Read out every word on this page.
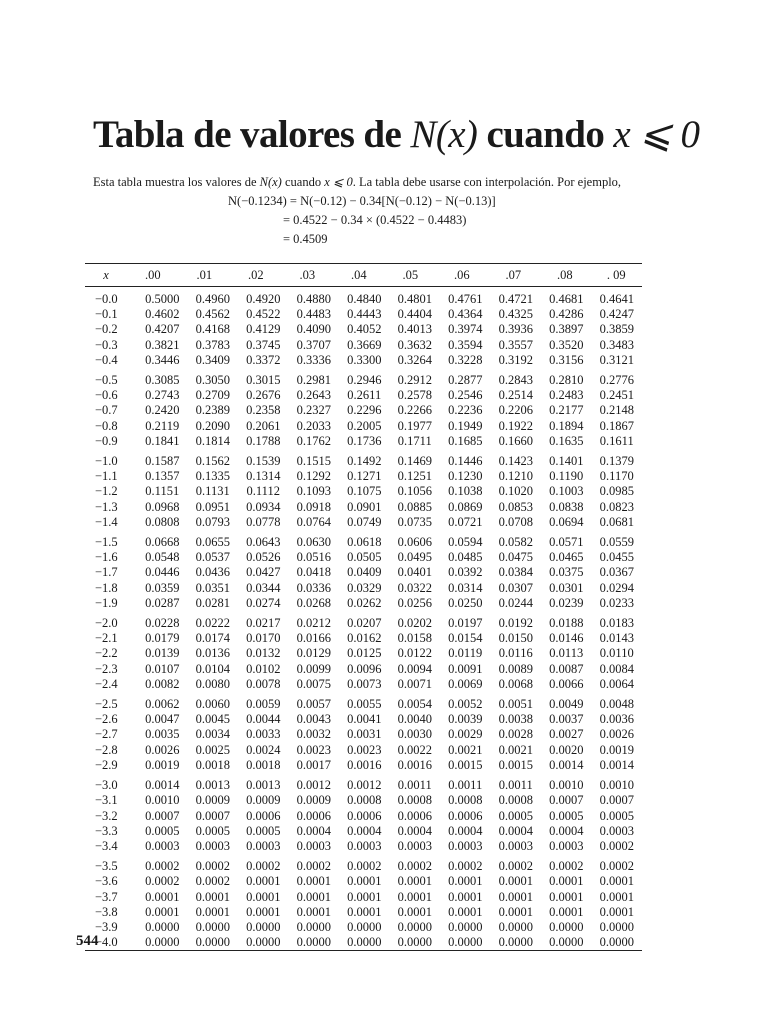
Tabla de valores de N(x) cuando x ⩽ 0
Esta tabla muestra los valores de N(x) cuando x ⩽ 0. La tabla debe usarse con interpolación. Por ejemplo,
N(−0.1234) = N(−0.12) − 0.34[N(−0.12) − N(−0.13)]
= 0.4522 − 0.34 × (0.4522 − 0.4483)
= 0.4509
x	.00	.01	.02	.03	.04	.05	.06	.07	.08	. 09
−0.0	0.5000	0.4960	0.4920	0.4880	0.4840	0.4801	0.4761	0.4721	0.4681	0.4641
−0.1	0.4602	0.4562	0.4522	0.4483	0.4443	0.4404	0.4364	0.4325	0.4286	0.4247
−0.2	0.4207	0.4168	0.4129	0.4090	0.4052	0.4013	0.3974	0.3936	0.3897	0.3859
−0.3	0.3821	0.3783	0.3745	0.3707	0.3669	0.3632	0.3594	0.3557	0.3520	0.3483
−0.4	0.3446	0.3409	0.3372	0.3336	0.3300	0.3264	0.3228	0.3192	0.3156	0.3121
−0.5	0.3085	0.3050	0.3015	0.2981	0.2946	0.2912	0.2877	0.2843	0.2810	0.2776
−0.6	0.2743	0.2709	0.2676	0.2643	0.2611	0.2578	0.2546	0.2514	0.2483	0.2451
−0.7	0.2420	0.2389	0.2358	0.2327	0.2296	0.2266	0.2236	0.2206	0.2177	0.2148
−0.8	0.2119	0.2090	0.2061	0.2033	0.2005	0.1977	0.1949	0.1922	0.1894	0.1867
−0.9	0.1841	0.1814	0.1788	0.1762	0.1736	0.1711	0.1685	0.1660	0.1635	0.1611
−1.0	0.1587	0.1562	0.1539	0.1515	0.1492	0.1469	0.1446	0.1423	0.1401	0.1379
−1.1	0.1357	0.1335	0.1314	0.1292	0.1271	0.1251	0.1230	0.1210	0.1190	0.1170
−1.2	0.1151	0.1131	0.1112	0.1093	0.1075	0.1056	0.1038	0.1020	0.1003	0.0985
−1.3	0.0968	0.0951	0.0934	0.0918	0.0901	0.0885	0.0869	0.0853	0.0838	0.0823
−1.4	0.0808	0.0793	0.0778	0.0764	0.0749	0.0735	0.0721	0.0708	0.0694	0.0681
−1.5	0.0668	0.0655	0.0643	0.0630	0.0618	0.0606	0.0594	0.0582	0.0571	0.0559
−1.6	0.0548	0.0537	0.0526	0.0516	0.0505	0.0495	0.0485	0.0475	0.0465	0.0455
−1.7	0.0446	0.0436	0.0427	0.0418	0.0409	0.0401	0.0392	0.0384	0.0375	0.0367
−1.8	0.0359	0.0351	0.0344	0.0336	0.0329	0.0322	0.0314	0.0307	0.0301	0.0294
−1.9	0.0287	0.0281	0.0274	0.0268	0.0262	0.0256	0.0250	0.0244	0.0239	0.0233
−2.0	0.0228	0.0222	0.0217	0.0212	0.0207	0.0202	0.0197	0.0192	0.0188	0.0183
−2.1	0.0179	0.0174	0.0170	0.0166	0.0162	0.0158	0.0154	0.0150	0.0146	0.0143
−2.2	0.0139	0.0136	0.0132	0.0129	0.0125	0.0122	0.0119	0.0116	0.0113	0.0110
−2.3	0.0107	0.0104	0.0102	0.0099	0.0096	0.0094	0.0091	0.0089	0.0087	0.0084
−2.4	0.0082	0.0080	0.0078	0.0075	0.0073	0.0071	0.0069	0.0068	0.0066	0.0064
−2.5	0.0062	0.0060	0.0059	0.0057	0.0055	0.0054	0.0052	0.0051	0.0049	0.0048
−2.6	0.0047	0.0045	0.0044	0.0043	0.0041	0.0040	0.0039	0.0038	0.0037	0.0036
−2.7	0.0035	0.0034	0.0033	0.0032	0.0031	0.0030	0.0029	0.0028	0.0027	0.0026
−2.8	0.0026	0.0025	0.0024	0.0023	0.0023	0.0022	0.0021	0.0021	0.0020	0.0019
−2.9	0.0019	0.0018	0.0018	0.0017	0.0016	0.0016	0.0015	0.0015	0.0014	0.0014
−3.0	0.0014	0.0013	0.0013	0.0012	0.0012	0.0011	0.0011	0.0011	0.0010	0.0010
−3.1	0.0010	0.0009	0.0009	0.0009	0.0008	0.0008	0.0008	0.0008	0.0007	0.0007
−3.2	0.0007	0.0007	0.0006	0.0006	0.0006	0.0006	0.0006	0.0005	0.0005	0.0005
−3.3	0.0005	0.0005	0.0005	0.0004	0.0004	0.0004	0.0004	0.0004	0.0004	0.0003
−3.4	0.0003	0.0003	0.0003	0.0003	0.0003	0.0003	0.0003	0.0003	0.0003	0.0002
−3.5	0.0002	0.0002	0.0002	0.0002	0.0002	0.0002	0.0002	0.0002	0.0002	0.0002
−3.6	0.0002	0.0002	0.0001	0.0001	0.0001	0.0001	0.0001	0.0001	0.0001	0.0001
−3.7	0.0001	0.0001	0.0001	0.0001	0.0001	0.0001	0.0001	0.0001	0.0001	0.0001
−3.8	0.0001	0.0001	0.0001	0.0001	0.0001	0.0001	0.0001	0.0001	0.0001	0.0001
−3.9	0.0000	0.0000	0.0000	0.0000	0.0000	0.0000	0.0000	0.0000	0.0000	0.0000
−4.0	0.0000	0.0000	0.0000	0.0000	0.0000	0.0000	0.0000	0.0000	0.0000	0.0000
544
